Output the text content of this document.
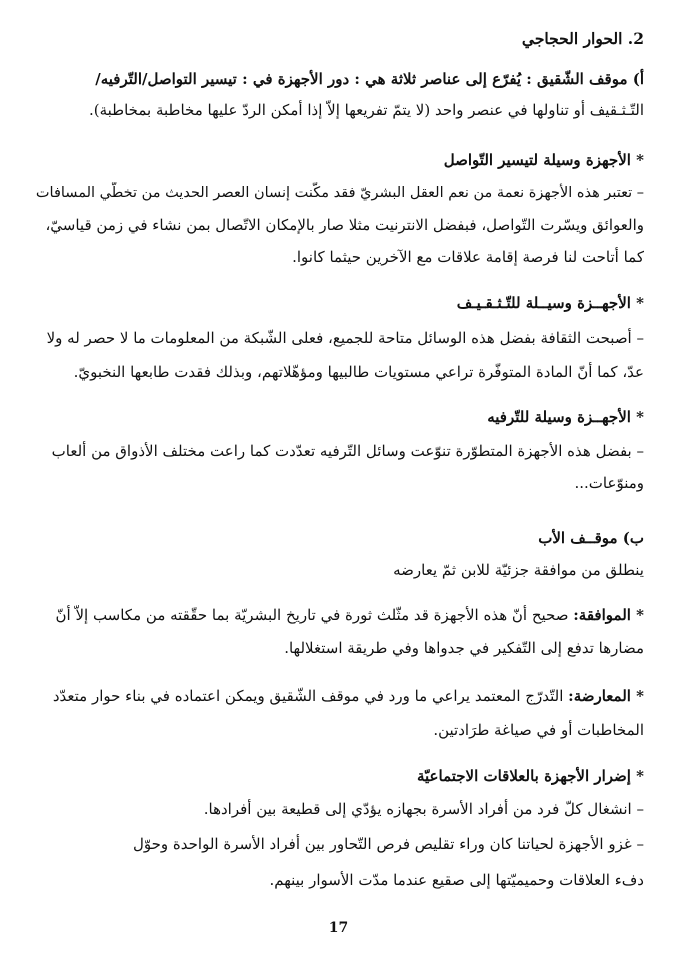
2. الحوار الحجاجي
أ) موقف الشّقيق : يُفرّع إلى عناصر ثلاثة هي : دور الأجهزة في : تيسير التواصل/التّرفيه/
التّـثـقيف أو تناولها في عنصر واحد (لا يتمّ تفريعها إلاّ إذا أمكن الردّ عليها مخاطبة بمخاطبة).
* الأجهزة وسيلة لتيسير التّواصل
– تعتبر هذه الأجهزة نعمة من نعم العقل البشريّ فقد مكّنت إنسان العصر الحديث من تخطّي المسافات
والعوائق ويسّرت التّواصل، فبفضل الانترنيت مثلا صار بالإمكان الاتّصال بمن نشاء في زمن قياسيّ،
كما أتاحت لنا فرصة إقامة علاقات مع الآخرين حيثما كانوا.
* الأجهــزة وسيــلة للتّـثـقـيـف
– أصبحت الثقافة بفضل هذه الوسائل متاحة للجميع، فعلى الشّبكة من المعلومات ما لا حصر له ولا
عدّ، كما أنّ المادة المتوفّرة تراعي مستويات طالبيها ومؤهّلاتهم، وبذلك فقدت طابعها النخبويّ.
* الأجهــزة وسيلة للتّرفيه
– بفضل هذه الأجهزة المتطوّرة تنوّعت وسائل التّرفيه تعدّدت كما راعت مختلف الأذواق من ألعاب
ومنوّعات...
ب) موقــف الأب
ينطلق من موافقة جزئيّة للابن ثمّ يعارضه
* الموافقة: صحيح أنّ هذه الأجهزة قد مثّلث ثورة في تاريخ البشريّة بما حقّقته من مكاسب إلاّ أنّ
مضارها تدفع إلى التّفكير في جدواها وفي طريقة استغلالها.
* المعارضة: التّدرّج المعتمد يراعي ما ورد في موقف الشّقيق ويمكن اعتماده في بناء حوار متعدّد
المخاطبات أو في صياغة طرَادتين.
* إضرار الأجهزة بالعلاقات الاجتماعيّة
– انشغال كلّ فرد من أفراد الأسرة بجهازه يؤدّي إلى قطيعة بين أفرادها.
– غزو الأجهزة لحياتنا كان وراء تقليص فرص التّحاور بين أفراد الأسرة الواحدة وحوّل
دفء العلاقات وحميميّتها إلى صقيع عندما مدّت الأسوار بينهم.
17
